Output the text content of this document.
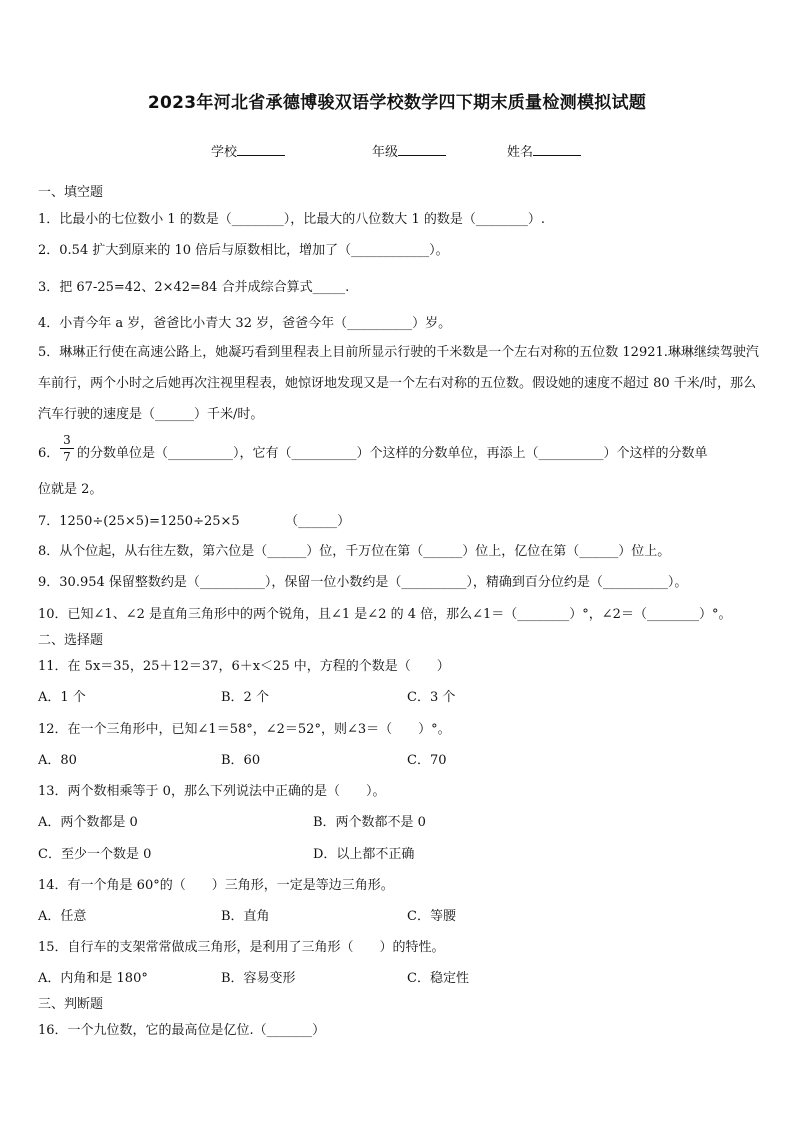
2023年河北省承德博骏双语学校数学四下期末质量检测模拟试题
学校	年级	姓名
一、填空题
1．比最小的七位数小 1 的数是（________），比最大的八位数大 1 的数是（________）.
2．0.54 扩大到原来的 10 倍后与原数相比，增加了（____________）。
3．把 67-25=42、2×42=84 合并成综合算式_____.
4．小青今年 a 岁，爸爸比小青大 32 岁，爸爸今年（__________）岁。
5．琳琳正行使在高速公路上，她凝巧看到里程表上目前所显示行驶的千米数是一个左右对称的五位数 12921.琳琳继续驾驶汽车前行，两个小时之后她再次注视里程表，她惊讶地发现又是一个左右对称的五位数。假设她的速度不超过 80 千米/时，那么汽车行驶的速度是（______）千米/时。
6．
3
7 的分数单位是（__________），它有（__________）个这样的分数单位，再添上（__________）个这样的分数单
位就是 2。
7．1250÷(25×5)=1250÷25×5　　　　（______）
8．从个位起，从右往左数，第六位是（______）位，千万位在第（______）位上，亿位在第（______）位上。
9．30.954 保留整数约是（__________），保留一位小数约是（__________），精确到百分位约是（__________）。
10．已知∠1、∠2 是直角三角形中的两个锐角，且∠1 是∠2 的 4 倍，那么∠1＝（________）°，∠2＝（________）°。
二、选择题
11．在 5x＝35，25＋12＝37，6＋x＜25 中，方程的个数是（　　）
A．1 个	B．2 个	C．3 个
12．在一个三角形中，已知∠1＝58°，∠2＝52°，则∠3＝（　　）°。
A．80	B．60	C．70
13．两个数相乘等于 0，那么下列说法中正确的是（　　）。
A．两个数都是 0	B．两个数都不是 0
C．至少一个数是 0	D．以上都不正确
14．有一个角是 60°的（　　）三角形，一定是等边三角形。
A．任意	B．直角	C．等腰
15．自行车的支架常常做成三角形，是利用了三角形（　　）的特性。
A．内角和是 180°	B．容易变形	C．稳定性
三、判断题
16．一个九位数，它的最高位是亿位.（_______）
